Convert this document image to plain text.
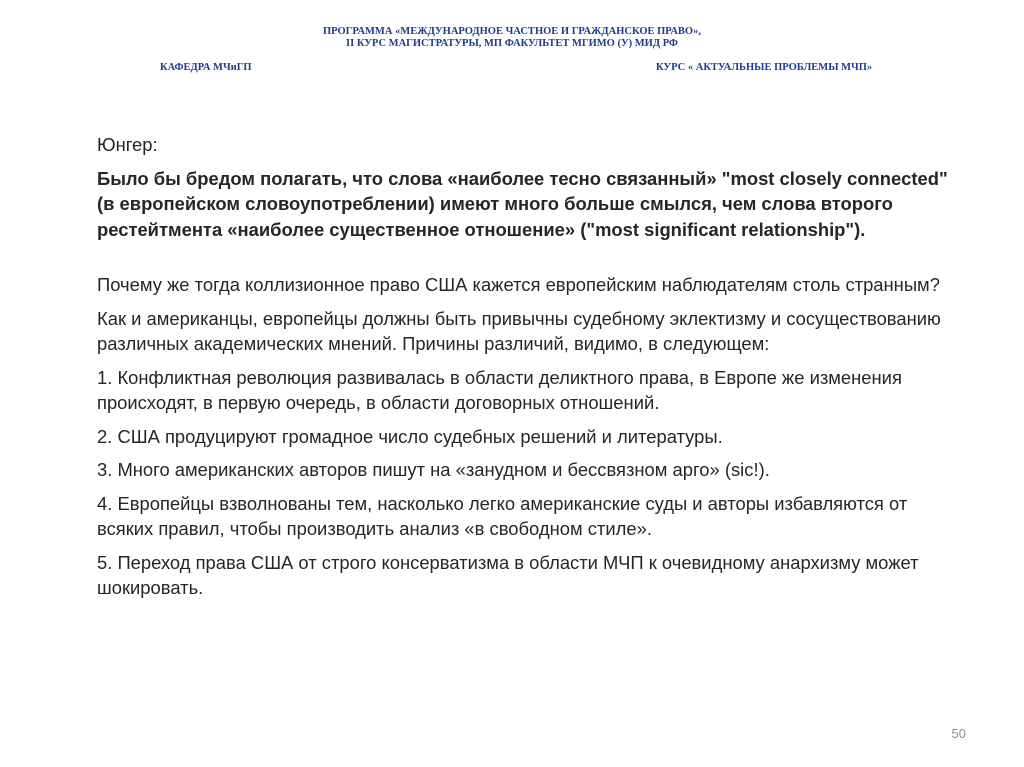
ПРОГРАММА «МЕЖДУНАРОДНОЕ ЧАСТНОЕ И ГРАЖДАНСКОЕ ПРАВО»,
II КУРС МАГИСТРАТУРЫ, МП ФАКУЛЬТЕТ МГИМО (У) МИД РФ
КАФЕДРА МЧиГП	КУРС « АКТУАЛЬНЫЕ ПРОБЛЕМЫ МЧП»

Юнгер:

Было бы бредом полагать, что слова «наиболее тесно связанный» "most closely connected" (в европейском словоупотреблении) имеют много больше смылся, чем слова второго рестейтмента «наиболее существенное отношение» ("most significant relationship").

Почему же тогда коллизионное право США кажется европейским наблюдателям столь странным?

Как и американцы, европейцы должны быть привычны судебному эклектизму и сосуществованию различных академических мнений. Причины различий, видимо, в следующем:

1. Конфликтная революция развивалась в области деликтного права, в Европе же изменения происходят, в первую очередь, в области договорных отношений.

2. США продуцируют громадное число судебных решений и литературы.

3. Много американских авторов пишут на «занудном и бессвязном арго» (sic!).

4. Европейцы взволнованы тем, насколько легко американские суды и авторы избавляются от всяких правил, чтобы производить анализ «в свободном стиле».

5. Переход права США от строго консерватизма в области МЧП к очевидному анархизму может шокировать.

50
